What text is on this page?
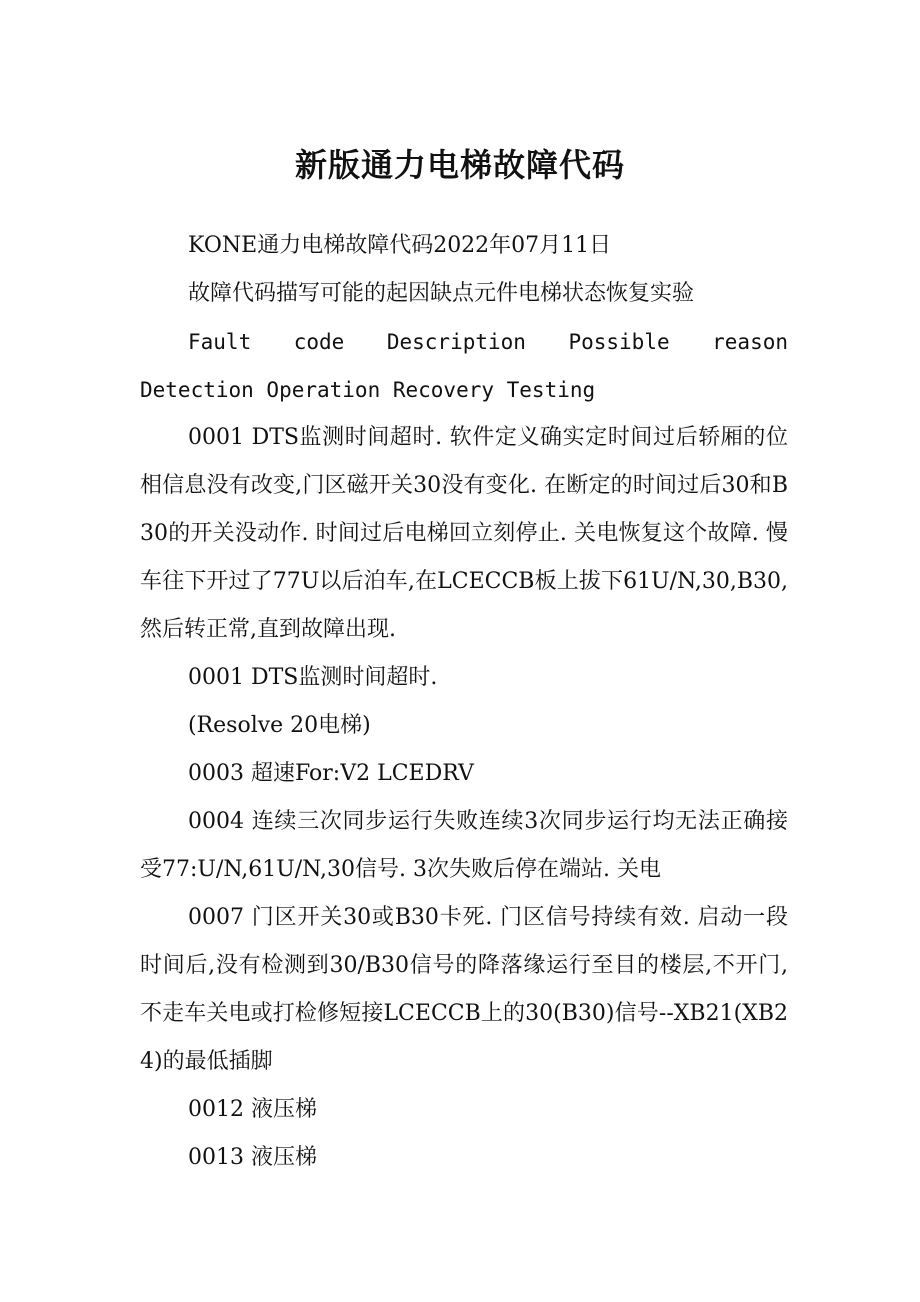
新版通力电梯故障代码

KONE通力电梯故障代码2022年07月11日

故障代码描写可能的起因缺点元件电梯状态恢复实验

Fault code Description Possible reason Detection Operation Recovery Testing

0001 DTS监测时间超时. 软件定义确实定时间过后轿厢的位相信息没有改变,门区磁开关30没有变化. 在断定的时间过后30和B30的开关没动作. 时间过后电梯回立刻停止. 关电恢复这个故障. 慢车往下开过了77U以后泊车,在LCECCB板上拔下61U/N,30,B30,然后转正常,直到故障出现.

0001 DTS监测时间超时.

(Resolve 20电梯)

0003 超速For:V2 LCEDRV

0004 连续三次同步运行失败连续3次同步运行均无法正确接受77:U/N,61U/N,30信号. 3次失败后停在端站. 关电

0007 门区开关30或B30卡死. 门区信号持续有效. 启动一段时间后,没有检测到30/B30信号的降落缘运行至目的楼层,不开门,不走车关电或打检修短接LCECCB上的30(B30)信号--XB21(XB24)的最低插脚

0012 液压梯

0013 液压梯
